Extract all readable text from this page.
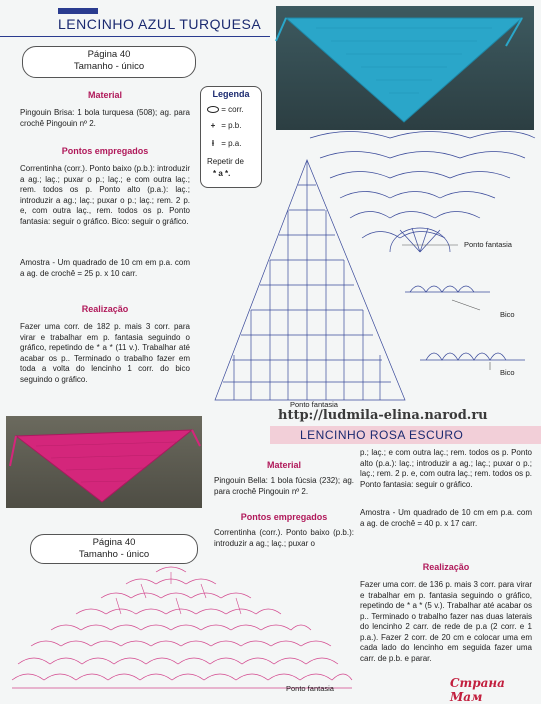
LENCINHO AZUL TURQUESA
Página 40
Tamanho - único
Material
Pingouin Brisa: 1 bola turquesa (508); ag. para crochê Pingouin nº 2.
Pontos empregados
Correntinha (corr.). Ponto baixo (p.b.): introduzir a ag.; laç.; puxar o p.; laç.; e com outra laç.; rem. todos os p. Ponto alto (p.a.): laç.; introduzir a ag.; laç.; puxar o p.; laç.; rem. 2 p. e, com outra laç., rem. todos os p. Ponto fantasia: seguir o gráfico. Bico: seguir o gráfico.
Amostra - Um quadrado de 10 cm em p.a. com a ag. de crochê = 25 p. x 10 carr.
Realização
Fazer uma corr. de 182 p. mais 3 corr. para virar e trabalhar em p. fantasia seguindo o gráfico, repetindo de * a * (11 v.). Trabalhar até acabar os p.. Terminado o trabalho fazer em toda a volta do lencinho 1 corr. do bico seguindo o gráfico.
Legenda
= corr.
+ = p.b.
ƚ = p.a.
Repetir de
* a *.
Ponto fantasia
Bico
Bico
Ponto fantasia
http://ludmila-elina.narod.ru
LENCINHO ROSA ESCURO
Material
Pingouin Bella: 1 bola fúcsia (232); ag. para crochê Pingouin nº 2.
Pontos empregados
Correntinha (corr.). Ponto baixo (p.b.): introduzir a ag.; laç.; puxar o
p.; laç.; e com outra laç.; rem. todos os p. Ponto alto (p.a.): laç.; introduzir a ag.; laç.; puxar o p.; laç.; rem. 2 p. e, com outra laç.; rem. todos os p. Ponto fantasia: seguir o gráfico.
Amostra - Um quadrado de 10 cm em p.a. com a ag. de crochê = 40 p. x 17 carr.
Realização
Fazer uma corr. de 136 p. mais 3 corr. para virar e trabalhar em p. fantasia seguindo o gráfico, repetindo de * a * (5 v.). Trabalhar até acabar os p.. Terminado o trabalho fazer nas duas laterais do lencinho 2 carr. de rede de p.a (2 corr. e 1 p.a.). Fazer 2 corr. de 20 cm e colocar uma em cada lado do lencinho em seguida fazer uma carr. de p.b. e parar.
Página 40
Tamanho - único
Ponto fantasia	Страна Мам
